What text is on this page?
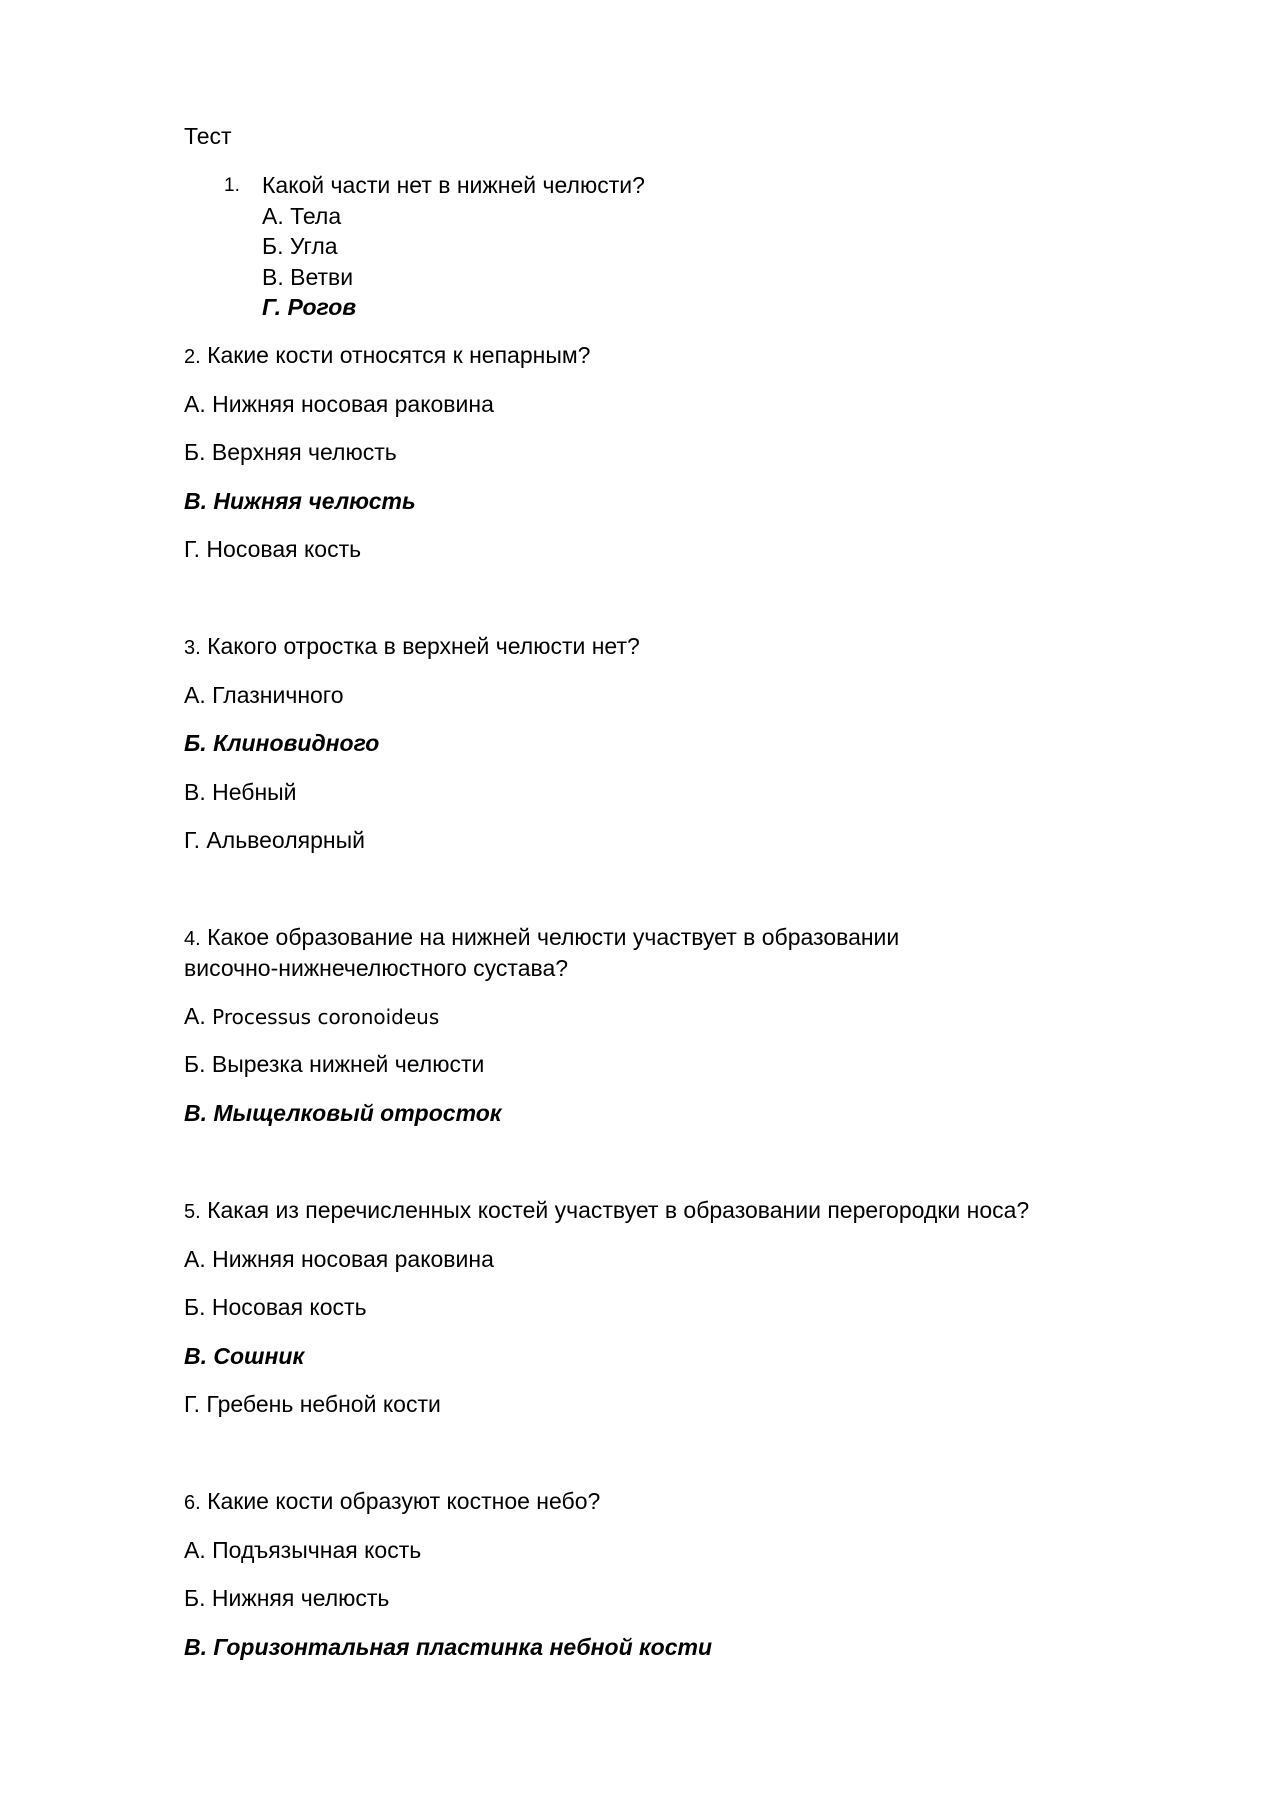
Тест
1. Какой части нет в нижней челюсти?
А. Тела
Б. Угла
В. Ветви
Г. Рогов
2. Какие кости относятся к непарным?
А. Нижняя носовая раковина
Б. Верхняя челюсть
В. Нижняя челюсть
Г. Носовая кость
3. Какого отростка в верхней челюсти нет?
А. Глазничного
Б. Клиновидного
В. Небный
Г. Альвеолярный
4. Какое образование на нижней челюсти участвует в образовании
височно-нижнечелюстного сустава?
А. Processus coronoideus
Б. Вырезка нижней челюсти
В. Мыщелковый отросток
5. Какая из перечисленных костей участвует в образовании перегородки носа?
А. Нижняя носовая раковина
Б. Носовая кость
В. Сошник
Г. Гребень небной кости
6. Какие кости образуют костное небо?
А. Подъязычная кость
Б. Нижняя челюсть
В. Горизонтальная пластинка небной кости
